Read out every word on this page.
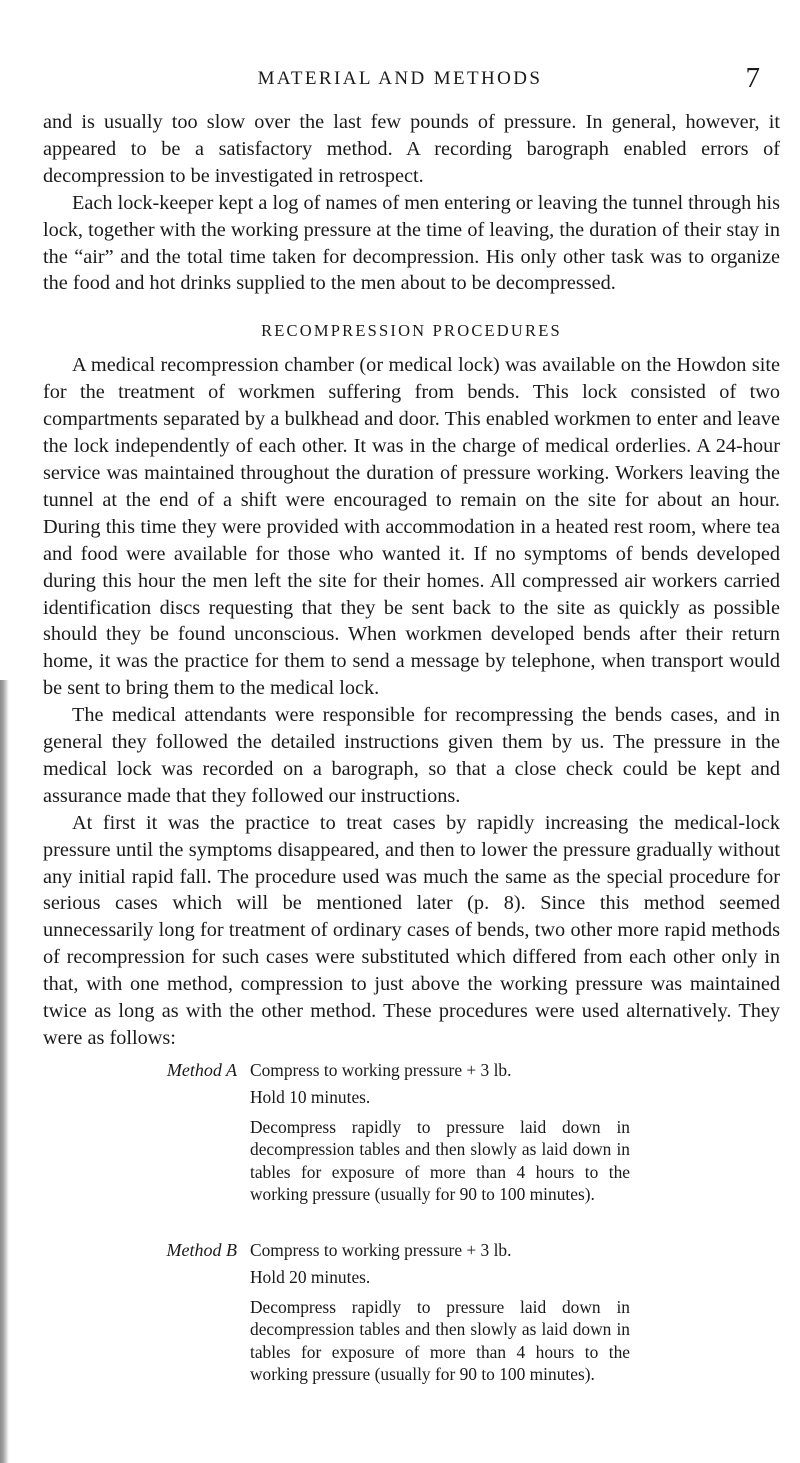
MATERIAL AND METHODS	7

and is usually too slow over the last few pounds of pressure. In general, however, it appeared to be a satisfactory method. A recording barograph enabled errors of decompression to be investigated in retrospect.

Each lock-keeper kept a log of names of men entering or leaving the tunnel through his lock, together with the working pressure at the time of leaving, the duration of their stay in the “air” and the total time taken for decompression. His only other task was to organize the food and hot drinks supplied to the men about to be decompressed.

RECOMPRESSION PROCEDURES

A medical recompression chamber (or medical lock) was available on the Howdon site for the treatment of workmen suffering from bends. This lock consisted of two compartments separated by a bulkhead and door. This enabled workmen to enter and leave the lock independently of each other. It was in the charge of medical orderlies. A 24-hour service was maintained throughout the duration of pressure working. Workers leaving the tunnel at the end of a shift were encouraged to remain on the site for about an hour. During this time they were provided with accommodation in a heated rest room, where tea and food were available for those who wanted it. If no symptoms of bends developed during this hour the men left the site for their homes. All compressed air workers carried identification discs requesting that they be sent back to the site as quickly as possible should they be found unconscious. When workmen developed bends after their return home, it was the practice for them to send a message by telephone, when transport would be sent to bring them to the medical lock.

The medical attendants were responsible for recompressing the bends cases, and in general they followed the detailed instructions given them by us. The pressure in the medical lock was recorded on a barograph, so that a close check could be kept and assurance made that they followed our instructions.

At first it was the practice to treat cases by rapidly increasing the medical-lock pressure until the symptoms disappeared, and then to lower the pressure gradually without any initial rapid fall. The procedure used was much the same as the special procedure for serious cases which will be mentioned later (p. 8). Since this method seemed unnecessarily long for treatment of ordinary cases of bends, two other more rapid methods of recompression for such cases were substituted which differed from each other only in that, with one method, compression to just above the working pressure was maintained twice as long as with the other method. These procedures were used alternatively. They were as follows:

Method A Compress to working pressure + 3 lb.

Hold 10 minutes.

Decompress rapidly to pressure laid down in decompression tables and then slowly as laid down in tables for exposure of more than 4 hours to the working pressure (usually for 90 to 100 minutes).

Method B Compress to working pressure + 3 lb.

Hold 20 minutes.

Decompress rapidly to pressure laid down in decompression tables and then slowly as laid down in tables for exposure of more than 4 hours to the working pressure (usually for 90 to 100 minutes).
